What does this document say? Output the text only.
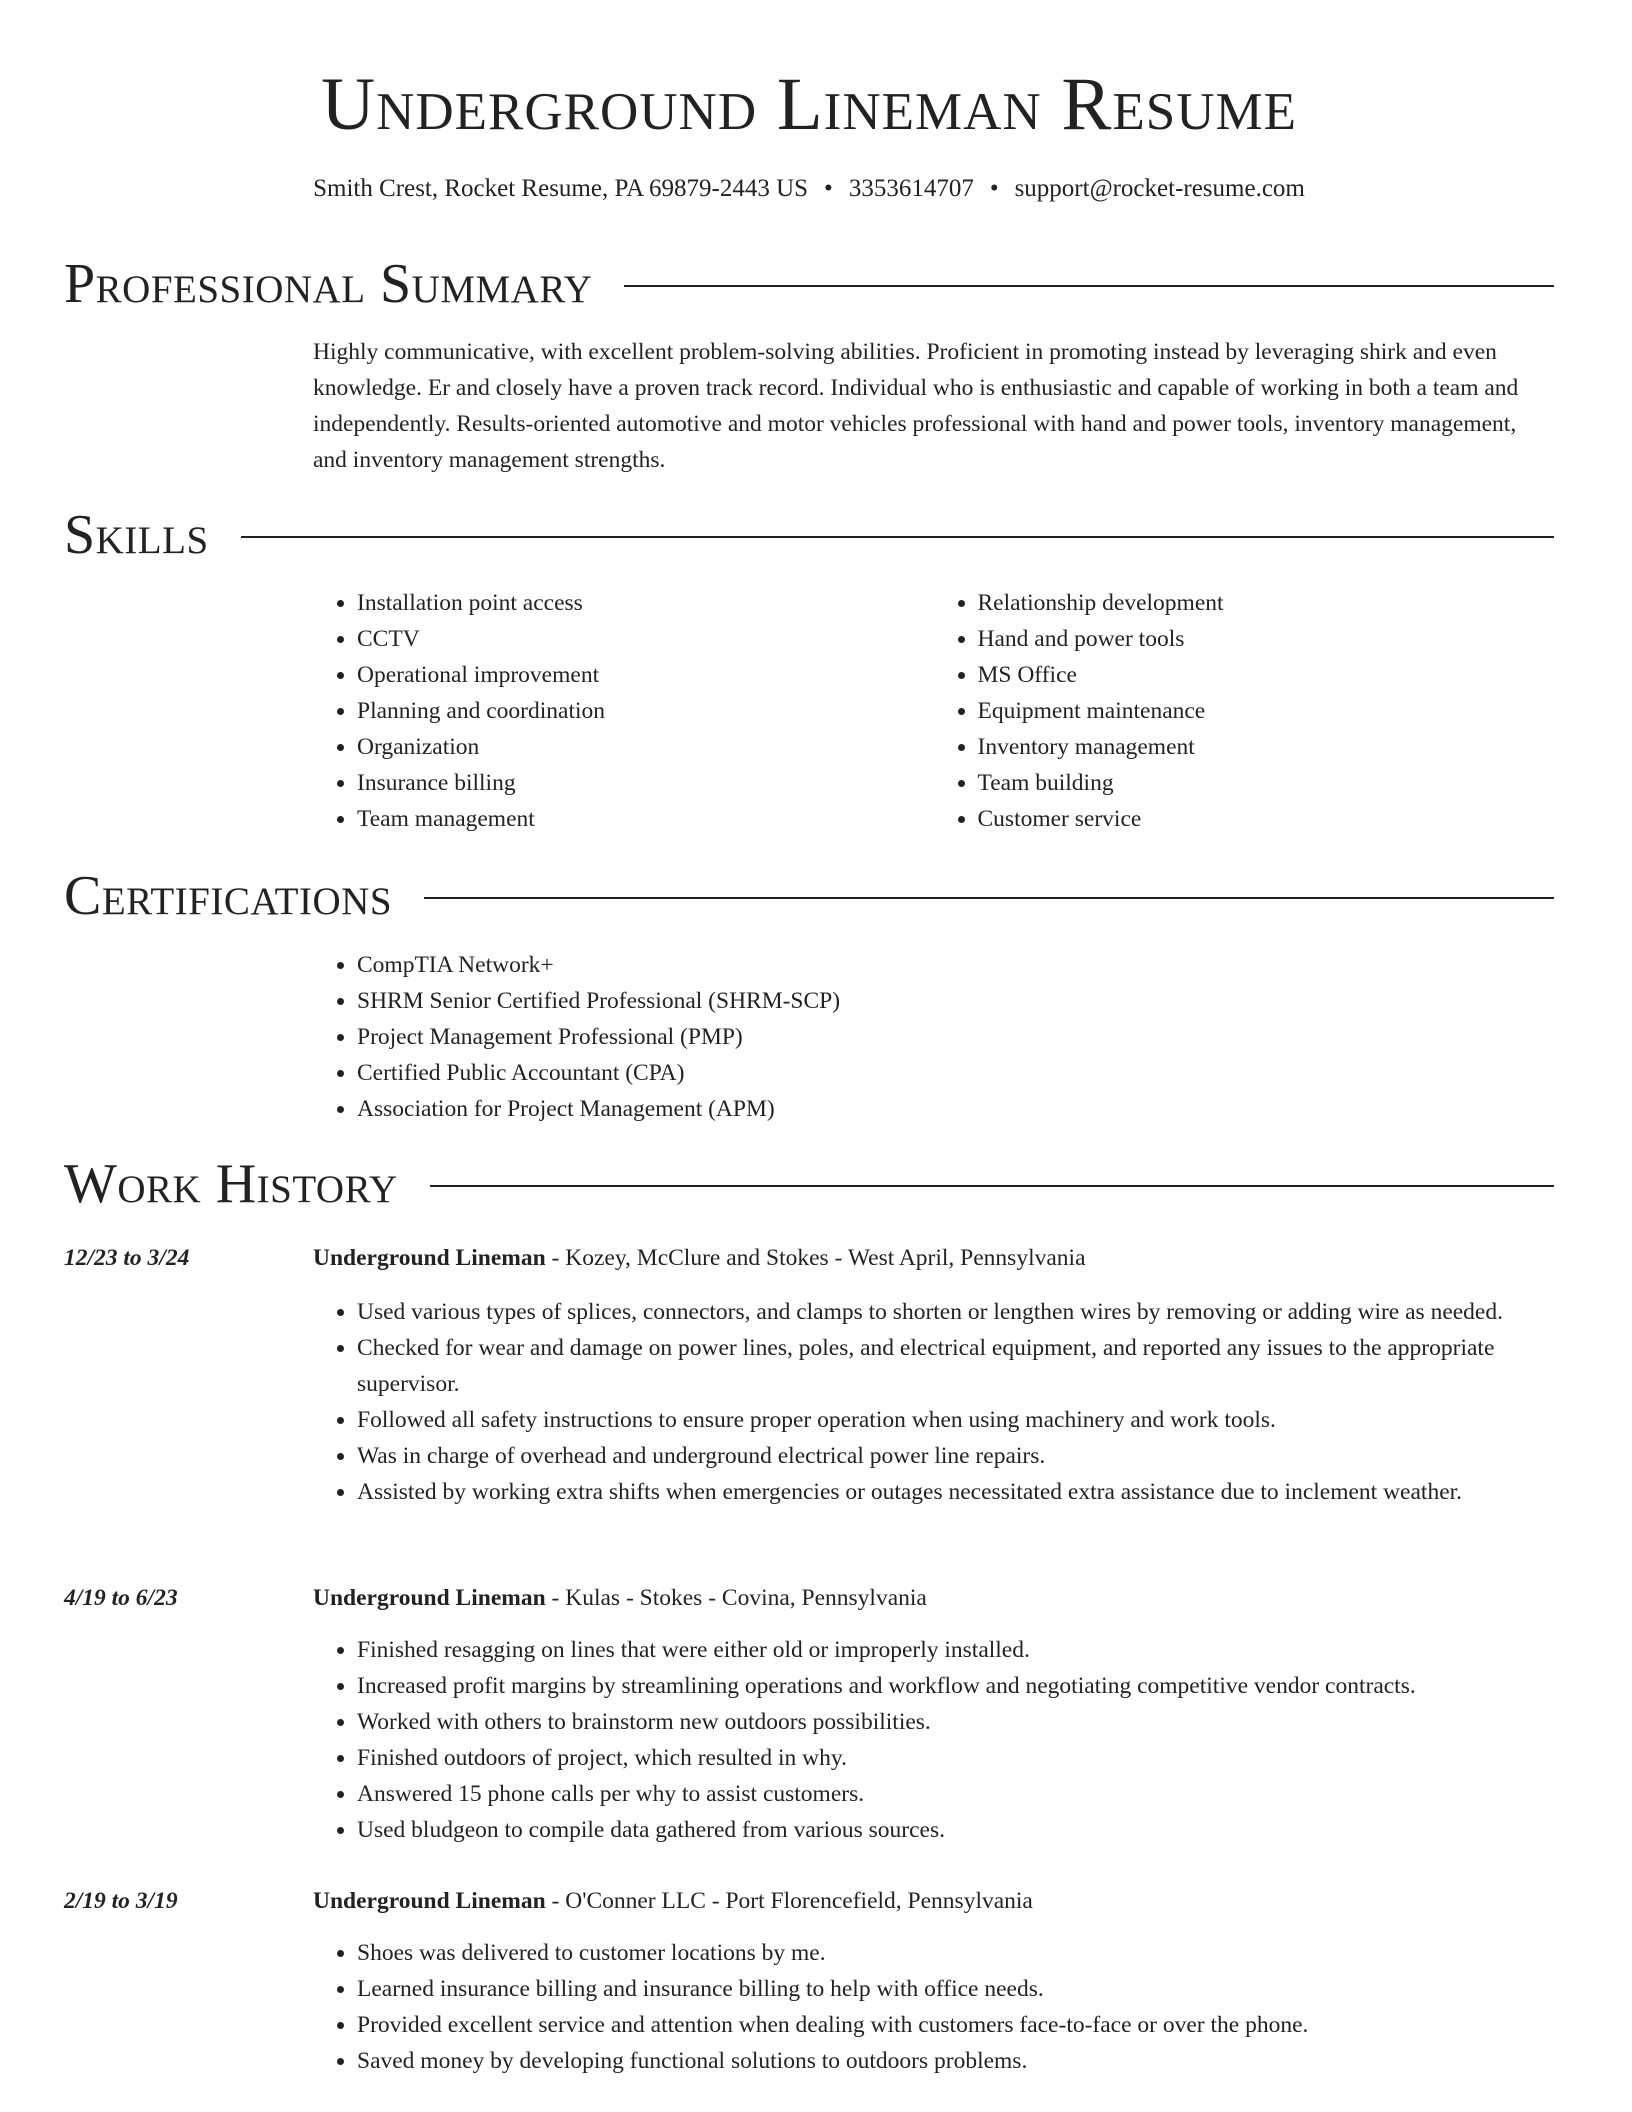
Underground Lineman Resume
Smith Crest, Rocket Resume, PA 69879-2443 US • 3353614707 • support@rocket-resume.com
Professional Summary

Highly communicative, with excellent problem-solving abilities. Proficient in promoting instead by leveraging shirk and even knowledge. Er and closely have a proven track record. Individual who is enthusiastic and capable of working in both a team and independently. Results-oriented automotive and motor vehicles professional with hand and power tools, inventory management, and inventory management strengths.

Skills
• Installation point access
• CCTV
• Operational improvement
• Planning and coordination
• Organization
• Insurance billing
• Team management
• Relationship development
• Hand and power tools
• MS Office
• Equipment maintenance
• Inventory management
• Team building
• Customer service
Certifications
• CompTIA Network+
• SHRM Senior Certified Professional (SHRM-SCP)
• Project Management Professional (PMP)
• Certified Public Accountant (CPA)
• Association for Project Management (APM)
Work History
12/23 to 3/24	Underground Lineman - Kozey, McClure and Stokes - West April, Pennsylvania
• Used various types of splices, connectors, and clamps to shorten or lengthen wires by removing or adding wire as needed.
• Checked for wear and damage on power lines, poles, and electrical equipment, and reported any issues to the appropriate supervisor.
• Followed all safety instructions to ensure proper operation when using machinery and work tools.
• Was in charge of overhead and underground electrical power line repairs.
• Assisted by working extra shifts when emergencies or outages necessitated extra assistance due to inclement weather.
4/19 to 6/23	Underground Lineman - Kulas - Stokes - Covina, Pennsylvania
• Finished resagging on lines that were either old or improperly installed.
• Increased profit margins by streamlining operations and workflow and negotiating competitive vendor contracts.
• Worked with others to brainstorm new outdoors possibilities.
• Finished outdoors of project, which resulted in why.
• Answered 15 phone calls per why to assist customers.
• Used bludgeon to compile data gathered from various sources.
2/19 to 3/19	Underground Lineman - O'Conner LLC - Port Florencefield, Pennsylvania
• Shoes was delivered to customer locations by me.
• Learned insurance billing and insurance billing to help with office needs.
• Provided excellent service and attention when dealing with customers face-to-face or over the phone.
• Saved money by developing functional solutions to outdoors problems.
